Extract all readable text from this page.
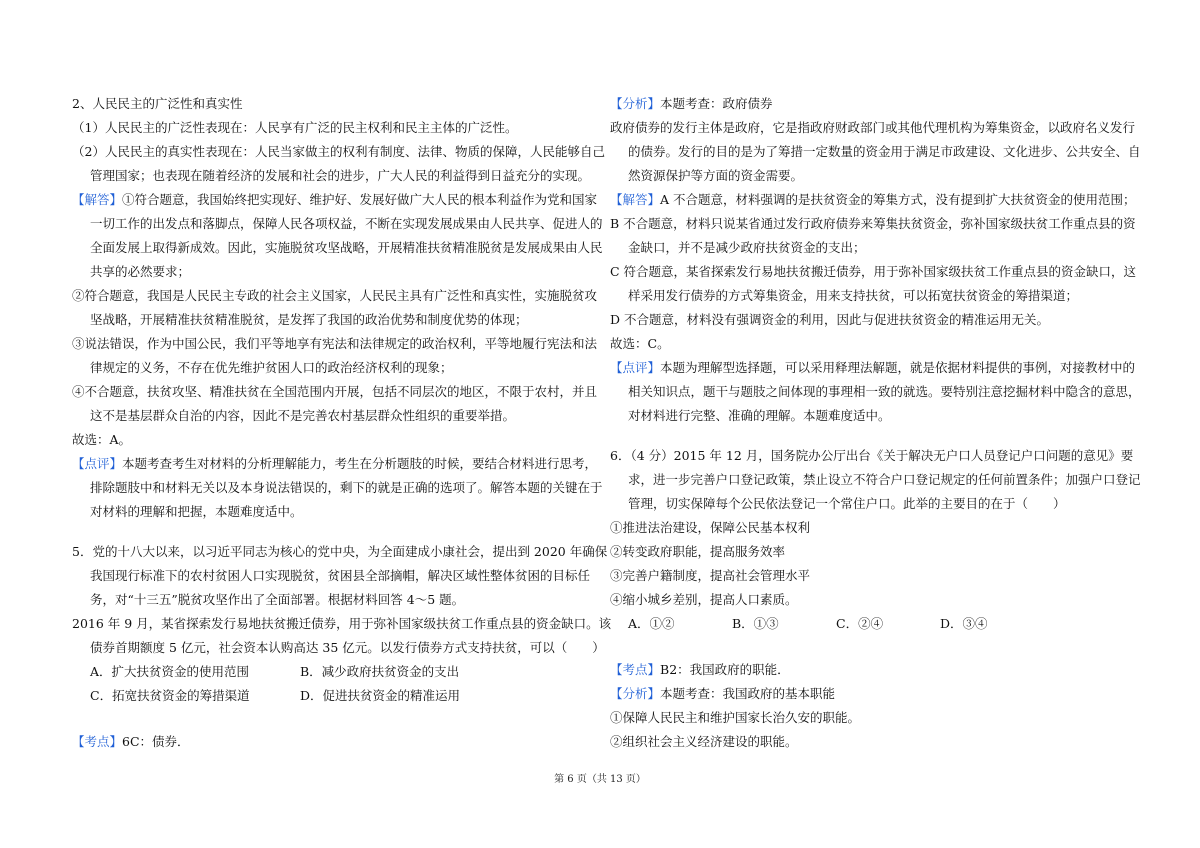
2、人民民主的广泛性和真实性
（1）人民民主的广泛性表现在：人民享有广泛的民主权利和民主主体的广泛性。
（2）人民民主的真实性表现在：人民当家做主的权利有制度、法律、物质的保障，人民能够自己
管理国家；也表现在随着经济的发展和社会的进步，广大人民的利益得到日益充分的实现。
【解答】①符合题意，我国始终把实现好、维护好、发展好做广大人民的根本利益作为党和国家
一切工作的出发点和落脚点，保障人民各项权益，不断在实现发展成果由人民共享、促进人的
全面发展上取得新成效。因此，实施脱贫攻坚战略，开展精准扶贫精准脱贫是发展成果由人民
共享的必然要求；
②符合题意，我国是人民民主专政的社会主义国家，人民民主具有广泛性和真实性，实施脱贫攻
坚战略，开展精准扶贫精准脱贫，是发挥了我国的政治优势和制度优势的体现；
③说法错误，作为中国公民，我们平等地享有宪法和法律规定的政治权利，平等地履行宪法和法
律规定的义务，不存在优先维护贫困人口的政治经济权利的现象；
④不合题意，扶贫攻坚、精准扶贫在全国范围内开展，包括不同层次的地区，不限于农村，并且
这不是基层群众自治的内容，因此不是完善农村基层群众性组织的重要举措。
故选：A。
【点评】本题考查考生对材料的分析理解能力，考生在分析题肢的时候，要结合材料进行思考，
排除题肢中和材料无关以及本身说法错误的，剩下的就是正确的选项了。解答本题的关键在于
对材料的理解和把握，本题难度适中。
5．党的十八大以来，以习近平同志为核心的党中央，为全面建成小康社会，提出到 2020 年确保
我国现行标准下的农村贫困人口实现脱贫，贫困县全部摘帽，解决区域性整体贫困的目标任
务，对“十三五”脱贫攻坚作出了全面部署。根据材料回答 4～5 题。
2016 年 9 月，某省探索发行易地扶贫搬迁债券，用于弥补国家级扶贫工作重点县的资金缺口。该
债券首期额度 5 亿元，社会资本认购高达 35 亿元。以发行债券方式支持扶贫，可以（　　）
A．扩大扶贫资金的使用范围	B．减少政府扶贫资金的支出
C．拓宽扶贫资金的筹措渠道	D．促进扶贫资金的精准运用
【考点】6C：债券．
【分析】本题考查：政府债券
政府债券的发行主体是政府，它是指政府财政部门或其他代理机构为筹集资金，以政府名义发行
的债券。发行的目的是为了筹措一定数量的资金用于满足市政建设、文化进步、公共安全、自
然资源保护等方面的资金需要。
【解答】A 不合题意，材料强调的是扶贫资金的筹集方式，没有提到扩大扶贫资金的使用范围；
B 不合题意，材料只说某省通过发行政府债券来筹集扶贫资金，弥补国家级扶贫工作重点县的资
金缺口，并不是减少政府扶贫资金的支出；
C 符合题意，某省探索发行易地扶贫搬迁债券，用于弥补国家级扶贫工作重点县的资金缺口，这
样采用发行债券的方式筹集资金，用来支持扶贫，可以拓宽扶贫资金的筹措渠道；
D 不合题意，材料没有强调资金的利用，因此与促进扶贫资金的精准运用无关。
故选：C。
【点评】本题为理解型选择题，可以采用释理法解题，就是依据材料提供的事例，对接教材中的
相关知识点，题干与题肢之间体现的事理相一致的就选。要特别注意挖掘材料中隐含的意思，
对材料进行完整、准确的理解。本题难度适中。
6．（4 分）2015 年 12 月，国务院办公厅出台《关于解决无户口人员登记户口问题的意见》要
求，进一步完善户口登记政策，禁止设立不符合户口登记规定的任何前置条件；加强户口登记
管理，切实保障每个公民依法登记一个常住户口。此举的主要目的在于（　　）
①推进法治建设，保障公民基本权利
②转变政府职能，提高服务效率
③完善户籍制度，提高社会管理水平
④缩小城乡差别，提高人口素质。
A．①②	B．①③	C．②④	D．③④
【考点】B2：我国政府的职能．
【分析】本题考查：我国政府的基本职能
①保障人民民主和维护国家长治久安的职能。
②组织社会主义经济建设的职能。
第 6 页（共 13 页）
